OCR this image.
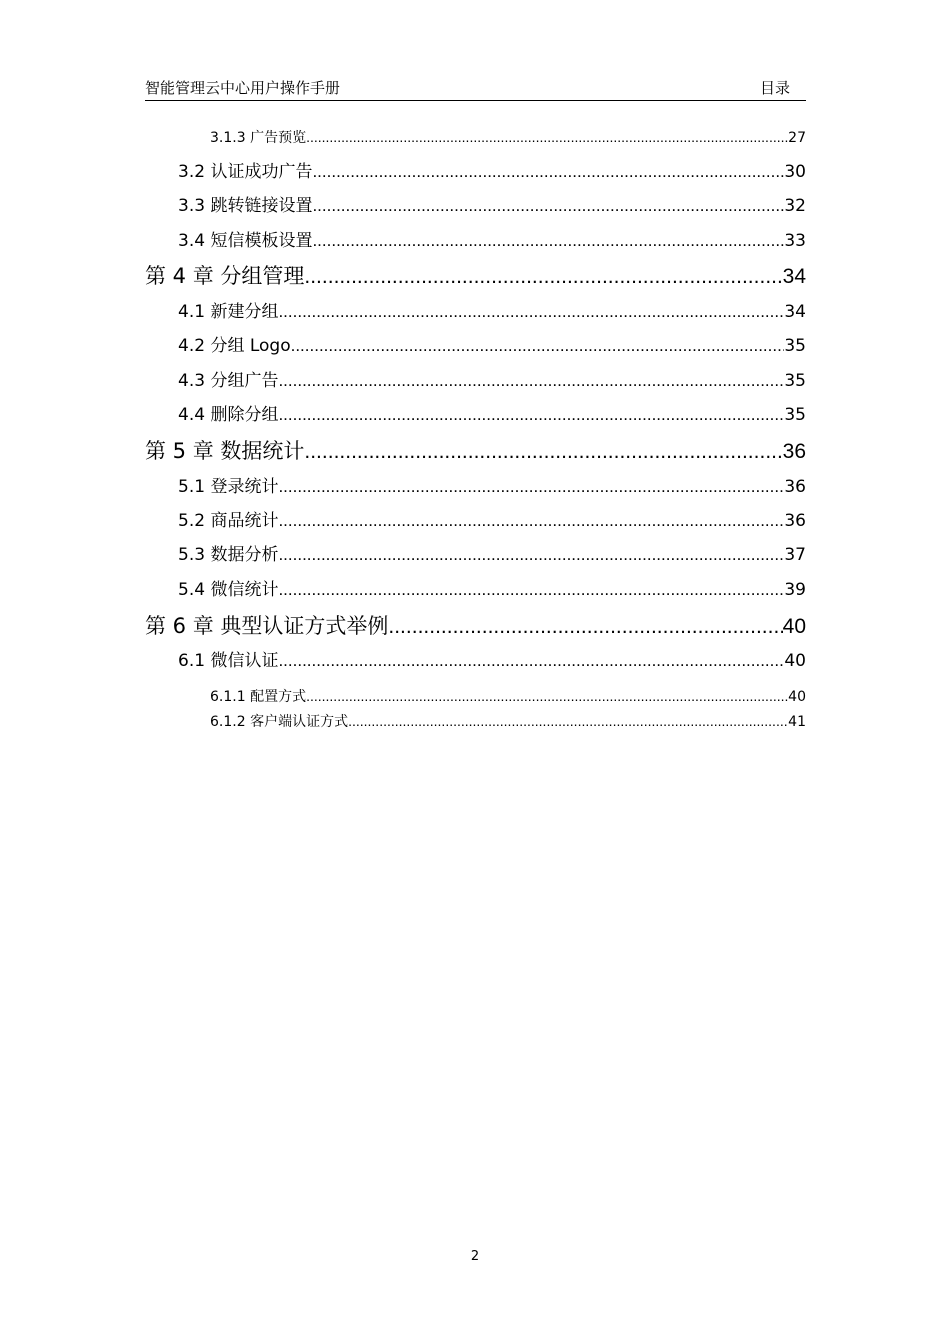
智能管理云中心用户操作手册	目录
3.1.3 广告预览 .....	27
3.2 认证成功广告 .....	30
3.3 跳转链接设置 .....	32
3.4 短信模板设置 .....	33
第 4 章 分组管理 .....	34
4.1 新建分组 .....	34
4.2 分组 Logo .....	35
4.3 分组广告 .....	35
4.4 删除分组 .....	35
第 5 章 数据统计 .....	36
5.1 登录统计 .....	36
5.2 商品统计 .....	36
5.3 数据分析 .....	37
5.4 微信统计 .....	39
第 6 章 典型认证方式举例 .....	40
6.1 微信认证 .....	40
6.1.1 配置方式 .....	40
6.1.2 客户端认证方式 .....	41
2
